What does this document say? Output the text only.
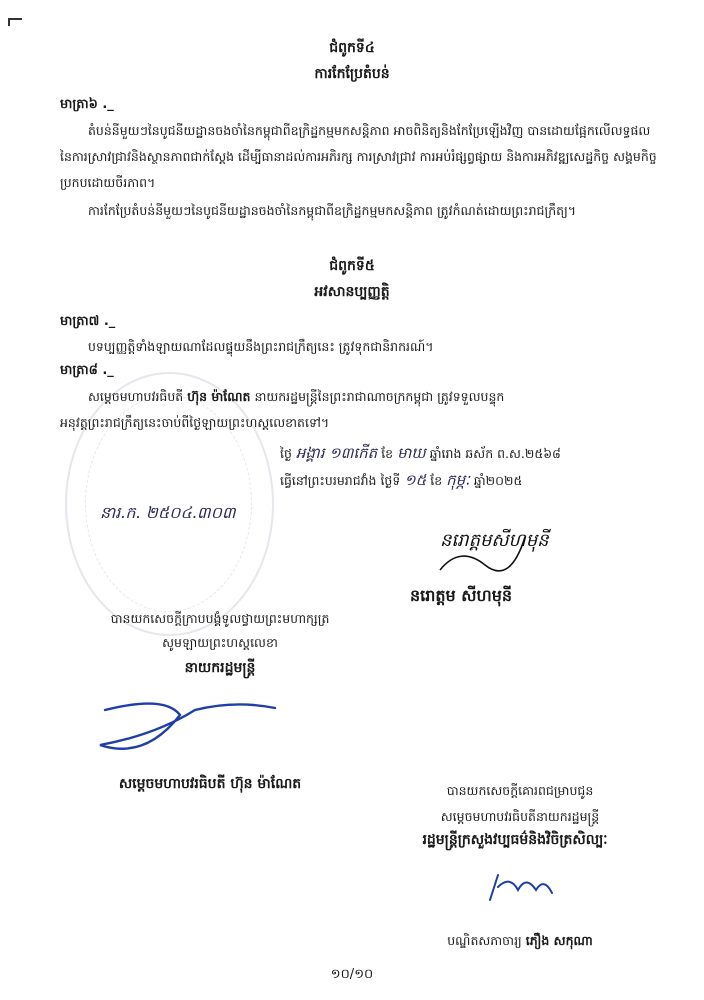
ជំពូកទី៤
ការកែប្រែតំបន់
មាត្រា៦ ._
តំបន់នីមួយៗនៃបូជនីយដ្ឋានចងចាំនៃកម្ពុជាពីឧក្រិដ្ឋកម្មមកសន្តិភាព អាចពិនិត្យនិងកែប្រែឡើងវិញ បានដោយផ្អែកលើលទ្ធផលនៃការស្រាវជ្រាវនិងស្ថានភាពជាក់ស្តែង ដើម្បីធានាដល់ការអភិរក្ស ការស្រាវជ្រាវ ការអប់រំផ្សព្វផ្សាយ និងការអភិវឌ្ឍសេដ្ឋកិច្ច សង្គមកិច្ច ប្រកបដោយចីរភាព។
ការកែប្រែតំបន់នីមួយៗនៃបូជនីយដ្ឋានចងចាំនៃកម្ពុជាពីឧក្រិដ្ឋកម្មមកសន្តិភាព ត្រូវកំណត់ដោយព្រះរាជក្រឹត្យ។
ជំពូកទី៥
អវសានប្បញ្ញត្តិ
មាត្រា៧ ._
បទប្បញ្ញត្តិទាំងឡាយណាដែលផ្ទុយនឹងព្រះរាជក្រឹត្យនេះ ត្រូវទុកជានិរាករណ៍។
មាត្រា៨ ._
សម្តេចមហាបវរធិបតី ហ៊ុន ម៉ាណែត នាយករដ្ឋមន្ត្រីនៃព្រះរាជាណាចក្រកម្ពុជា ត្រូវទទួលបន្ទុក
អនុវត្តព្រះរាជក្រឹត្យនេះចាប់ពីថ្ងៃឡាយព្រះហស្តលេខាតទៅ។
ថ្ងៃ អង្គារ ១៣កើត ខែ មាឃ ឆ្នាំរោង ឆស័ក ព.ស.២៥៦៨
ធ្វើនៅព្រះបរមរាជវាំង ថ្ងៃទី ១៥ ខែ កុម្ភៈ ឆ្នាំ២០២៥
នារ.ក. ២៥០៤.៣០៣
នរោត្តមសីហមុនី
នរោត្តម សីហមុនី
បានយកសេចក្តីក្រាបបង្គំទូលថ្វាយព្រះមហាក្សត្រ
សូមឡាយព្រះហស្តលេខា
នាយករដ្ឋមន្ត្រី
សម្តេចមហាបវរធិបតី ហ៊ុន ម៉ាណែត	បានយកសេចក្តីគោរពជម្រាបជូន
សម្តេចមហាបវរធិបតីនាយករដ្ឋមន្ត្រី
រដ្ឋមន្ត្រីក្រសួងវប្បធម៌និងវិចិត្រសិល្បៈ
បណ្ឌិតសភាចារ្យ ភឿង សកុណា
១០/១០
